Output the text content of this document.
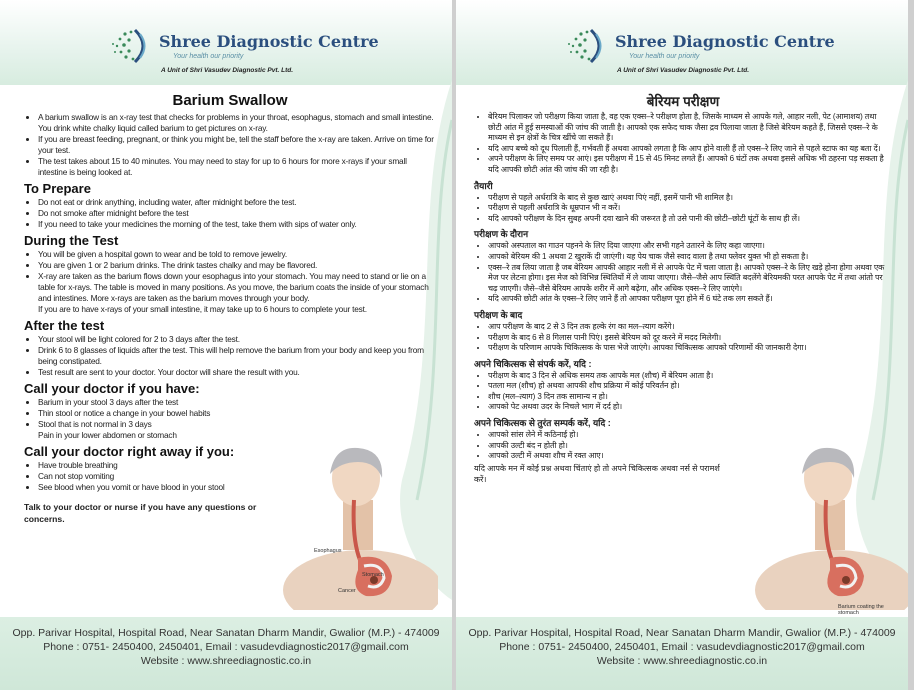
Shree Diagnostic Centre
Your health our priority
A Unit of Shri Vasudev Diagnostic Pvt. Ltd.
Barium Swallow
• A barium swallow is an x-ray test that checks for problems in your throat, esophagus, stomach and small intestine. You drink white chalky liquid called barium to get pictures on x-ray.
• If you are breast feeding, pregnant, or think you might be, tell the staff before the x-ray are taken. Arrive on time for your test.
• The test takes about 15 to 40 minutes. You may need to stay for up to 6 hours for more x-rays if your small intestine is being looked at.
To Prepare
• Do not eat or drink anything, including water, after midnight before the test.
• Do not smoke after midnight before the test
• If you need to take your medicines the morning of the test, take them with sips of water only.
During the Test
• You will be given a hospital gown to wear and be told to remove jewelry.
• You are given 1 or 2 barium drinks. The drink tastes chalky and may be flavored.
• X-ray are taken as the barium flows down your esophagus into your stomach. You may need to stand or lie on a table for x-rays. The table is moved in many positions. As you move, the barium coats the inside of your stomach and intestines. More x-rays are taken as the barium moves through your body.
If you are to have x-rays of your small intestine, it may take up to 6 hours to complete your test.
After the test
• Your stool will be light colored for 2 to 3 days after the test.
• Drink 6 to 8 glasses of liquids after the test. This will help remove the barium from your body and keep you from being constipated.
• Test result are sent to your doctor. Your doctor will share the result with you.
Call your doctor if you have:
• Barium in your stool 3 days after the test
• Thin stool or notice a change in your bowel habits
• Stool that is not normal in 3 days
Pain in your lower abdomen or stomach
Call your doctor right away if you:
• Have trouble breathing
• Can not stop vomiting
• See blood when you vomit or have blood in your stool
Talk to your doctor or nurse if you have any questions or concerns.
Esophagus
Stomach
Cancer
Opp. Parivar Hospital, Hospital Road, Near Sanatan Dharm Mandir, Gwalior (M.P.) - 474009
Phone : 0751- 2450400, 2450401, Email : vasudevdiagnostic2017@gmail.com
Website : www.shreediagnostic.co.in
Shree Diagnostic Centre
Your health our priority
A Unit of Shri Vasudev Diagnostic Pvt. Ltd.
बेरियम परीक्षण
• बेरियम पिलाकर जो परीक्षण किया जाता है, वह एक एक्स–रे परीक्षण होता है, जिसके माध्यम से आपके गले, आहार नली, पेट (आमाशय) तथा छोटी आंत में हुई समस्याओं की जांच की जाती है। आपको एक सफेद चाक जैसा द्रव पिलाया जाता है जिसे बेरियम कहते हैं, जिससे एक्स–रे के माध्यम से इन क्षेत्रों के चित्र खींचे जा सकते हैं।
• यदि आप बच्चे को दूध पिलाती हैं, गर्भवती हैं अथवा आपको लगता है कि आप होने वाली हैं तो एक्स–रे लिए जाने से पहले स्टाफ का यह बता दें।
• अपने परीक्षण के लिए समय पर आएं। इस परीक्षण में 15 से 45 मिनट लगते हैं। आपको 6 घंटों तक अथवा इससे अधिक भी ठहरना पड़ सकता है यदि आपकी छोटी आंत की जांच की जा रही है।
तैयारी
• परीक्षण से पहले अर्धरात्रि के बाद से कुछ खाएं अथवा पिएं नहीं, इसमें पानी भी शामिल है।
• परीक्षण से पहली अर्धरात्रि के धूम्रपान भी न करें।
• यदि आपको परीक्षण के दिन सुबह अपनी दवा खाने की जरूरत है तो उसे पानी की छोटी–छोटी घूंटों के साथ ही लें।
परीक्षण के दौरान
• आपको अस्पताल का गाउन पहनने के लिए दिया जाएगा और सभी गहने उतारने के लिए कहा जाएगा।
• आपको बेरियम की 1 अथवा 2 खुराकें दी जाएंगी। यह पेय चाक जैसे स्वाद वाला है तथा फ्लेवर युक्त भी हो सकता है।
• एक्स–रे तब लिया जाता है जब बेरियम आपकी आहार नली में से आपके पेट में चला जाता है। आपको एक्स–रे के लिए खड़े होना होगा अथवा एक मेज पर लेटना होगा। इस मेज को विभिन्न स्थितियों में ले जाया जाएगा। जैसे–जैसे आप स्थिति बदलेंगे बेरियमकी परत आपके पेट में तथा आंतो पर चढ़ जाएगी। जैसे–जैसे बेरियम आपके शरीर में आगे बढ़ेगा, और अधिक एक्स–रे लिए जाएंगे।
• यदि आपकी छोटी आंत के एक्स–रे लिए जाने हैं तो आपका परीक्षण पूरा होने में 6 घंटे तक लग सकते हैं।
परीक्षण के बाद
• आप परीक्षण के बाद 2 से 3 दिन तक हल्के रंग का मल–त्याग करेंगे।
• परीक्षण के बाद 6 से 8 गिलास पानी पिएं। इससे बेरियम को दूर करने में मदद मिलेगी।
• परीक्षण के परिणाम आपके चिकित्सक के पास भेजे जाएंगे। आपका चिकित्सक आपको परिणामों की जानकारी देगा।
अपने चिकित्सक से संपर्क करें, यदि :
• परीक्षण के बाद 3 दिन से अधिक समय तक आपके मल (शौच) में बेरियम आता है।
• पतला मल (शौच) हो अथवा आपकी शौच प्रक्रिया में कोई परिवर्तन हो।
• शौच (मल–त्याग) 3 दिन तक सामान्य न हो।
• आपको पेट अथवा उदर के निचले भाग में दर्द हो।
अपने चिकित्सक से तुरंत सम्पर्क करें, यदि :
• आपको सांस लेने में कठिनाई हो।
• आपकी उल्टी बंद न होती हो।
• आपको उल्टी में अथवा शौच में रक्त आए।
यदि आपके मन में कोई प्रश्न अथवा चिंताएं हो तो अपने चिकित्सक अथवा नर्स से परामर्श करें।
Barium coating the stomach
Opp. Parivar Hospital, Hospital Road, Near Sanatan Dharm Mandir, Gwalior (M.P.) - 474009
Phone : 0751- 2450400, 2450401, Email : vasudevdiagnostic2017@gmail.com
Website : www.shreediagnostic.co.in
